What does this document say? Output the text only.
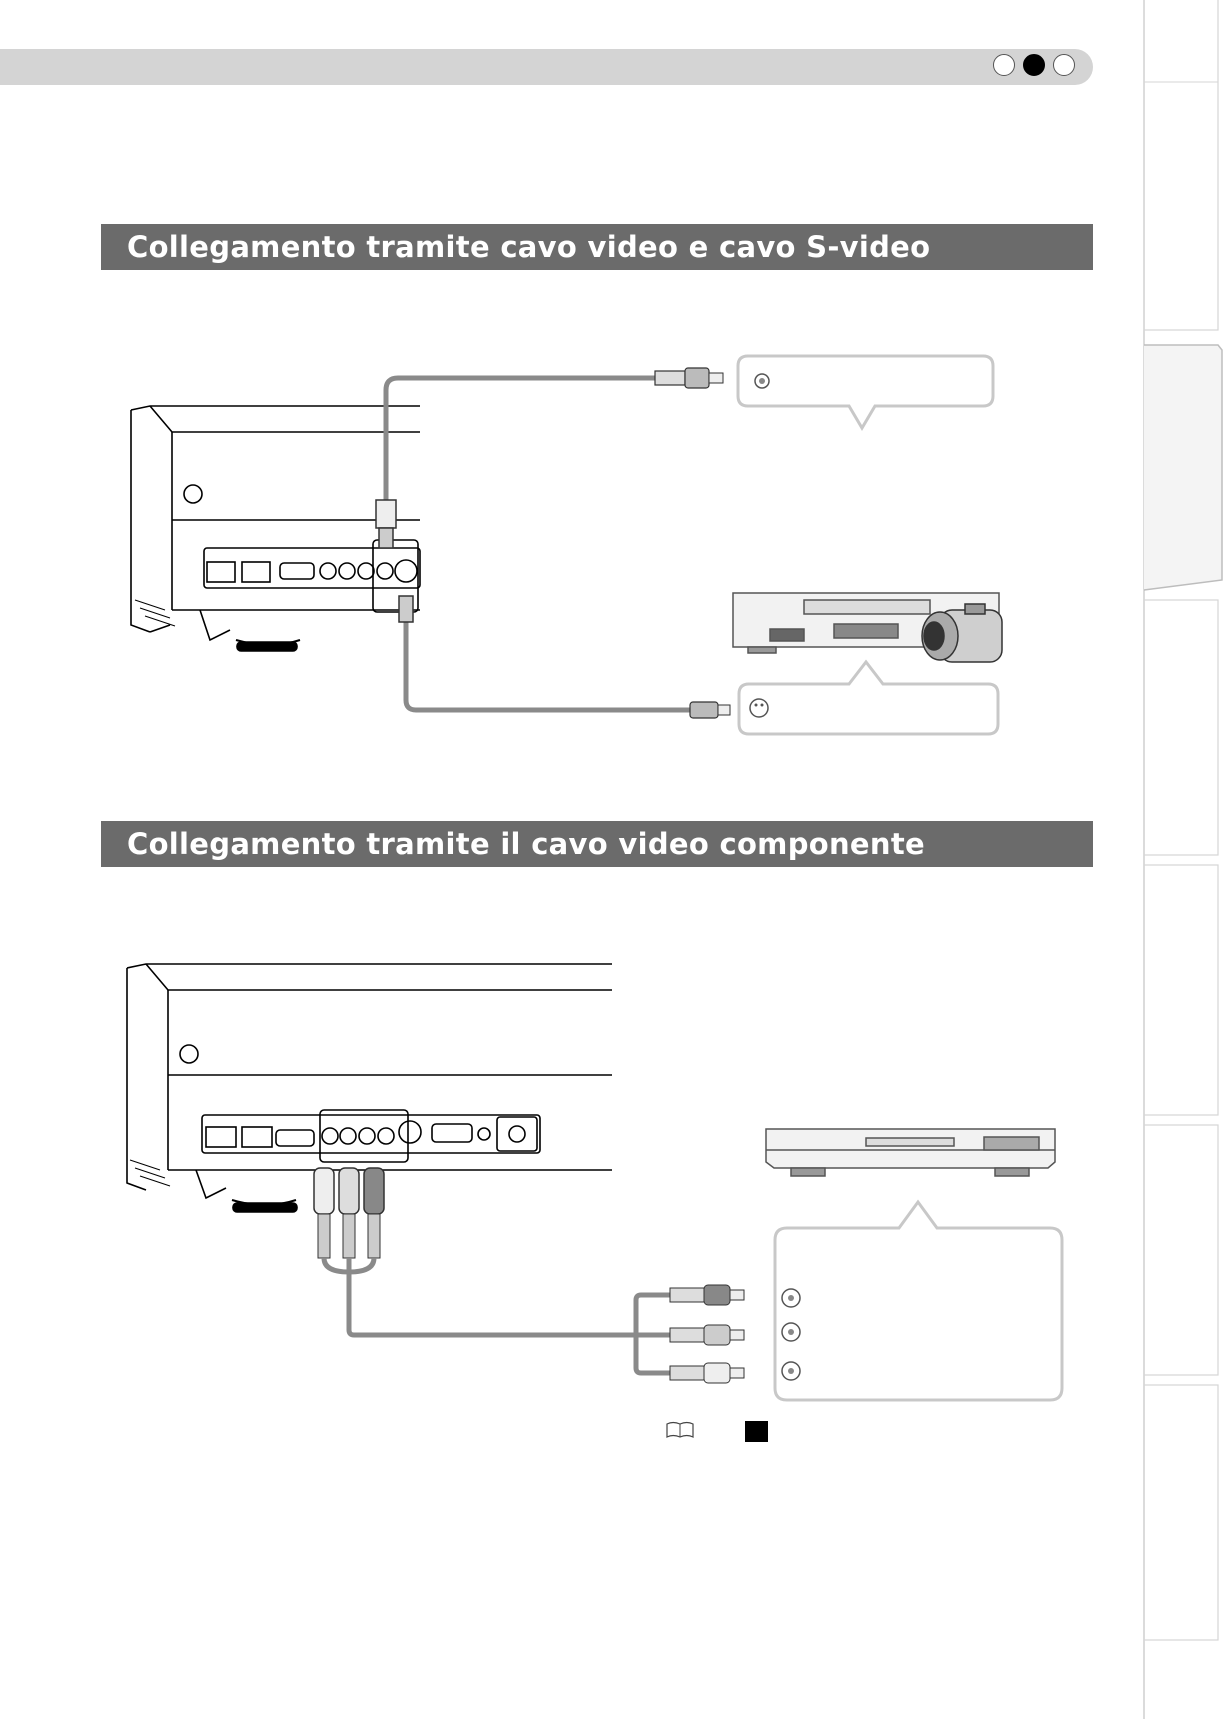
Collegamento tramite cavo video e cavo S-video
Collegamento tramite il cavo video componente
